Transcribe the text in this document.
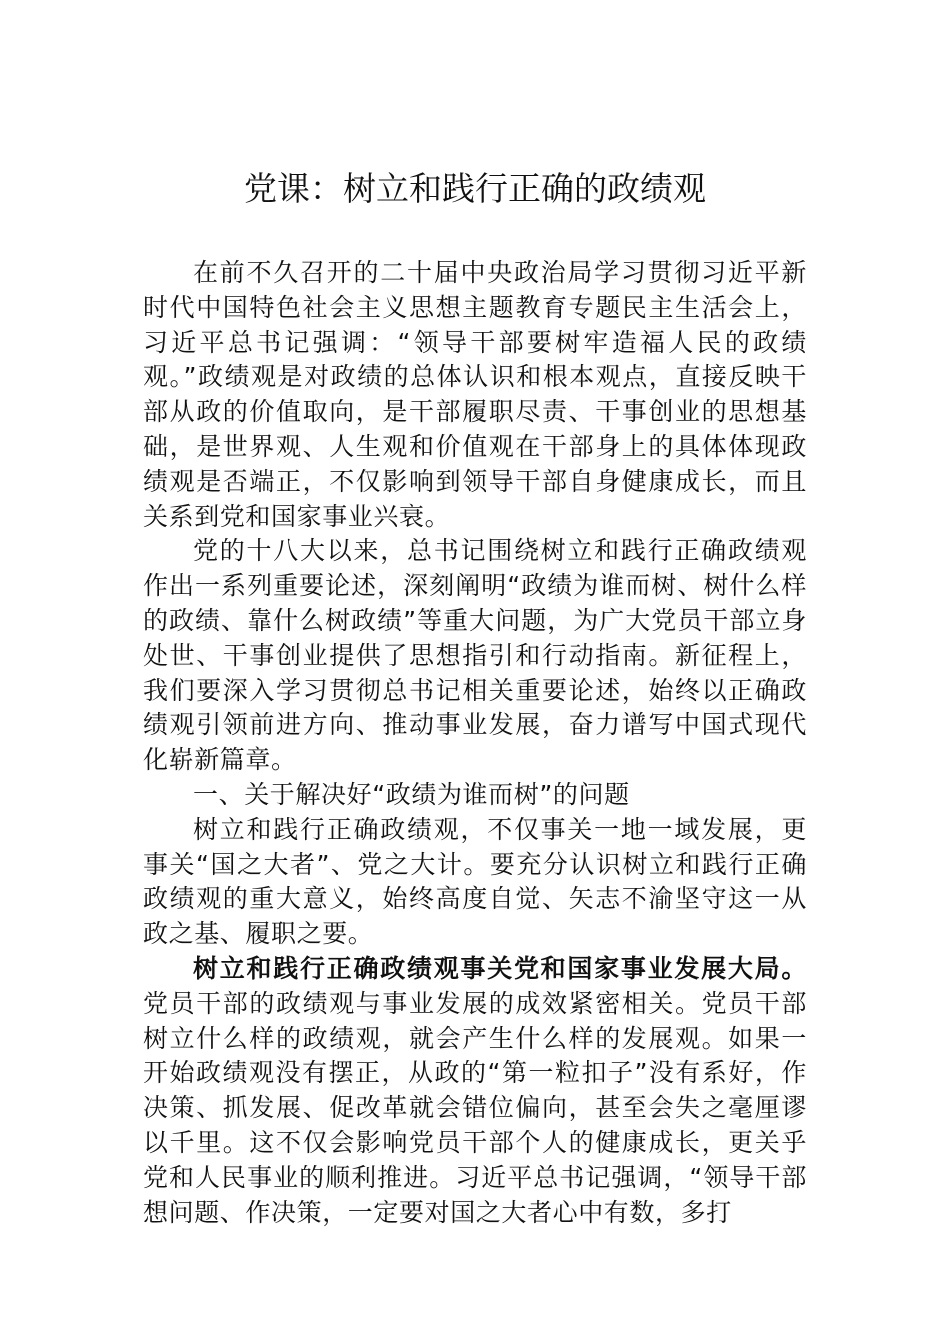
党课：树立和践行正确的政绩观

在前不久召开的二十届中央政治局学习贯彻习近平新时代中国特色社会主义思想主题教育专题民主生活会上，习近平总书记强调：“领导干部要树牢造福人民的政绩观。”政绩观是对政绩的总体认识和根本观点，直接反映干部从政的价值取向，是干部履职尽责、干事创业的思想基础，是世界观、人生观和价值观在干部身上的具体体现政绩观是否端正，不仅影响到领导干部自身健康成长，而且关系到党和国家事业兴衰。

党的十八大以来，总书记围绕树立和践行正确政绩观作出一系列重要论述，深刻阐明“政绩为谁而树、树什么样的政绩、靠什么树政绩”等重大问题，为广大党员干部立身处世、干事创业提供了思想指引和行动指南。新征程上，我们要深入学习贯彻总书记相关重要论述，始终以正确政绩观引领前进方向、推动事业发展，奋力谱写中国式现代化崭新篇章。

一、关于解决好“政绩为谁而树”的问题

树立和践行正确政绩观，不仅事关一地一域发展，更事关“国之大者”、党之大计。要充分认识树立和践行正确政绩观的重大意义，始终高度自觉、矢志不渝坚守这一从政之基、履职之要。

树立和践行正确政绩观事关党和国家事业发展大局。党员干部的政绩观与事业发展的成效紧密相关。党员干部树立什么样的政绩观，就会产生什么样的发展观。如果一开始政绩观没有摆正，从政的“第一粒扣子”没有系好，作决策、抓发展、促改革就会错位偏向，甚至会失之毫厘谬以千里。这不仅会影响党员干部个人的健康成长，更关乎党和人民事业的顺利推进。习近平总书记强调，“领导干部想问题、作决策，一定要对国之大者心中有数，多打
